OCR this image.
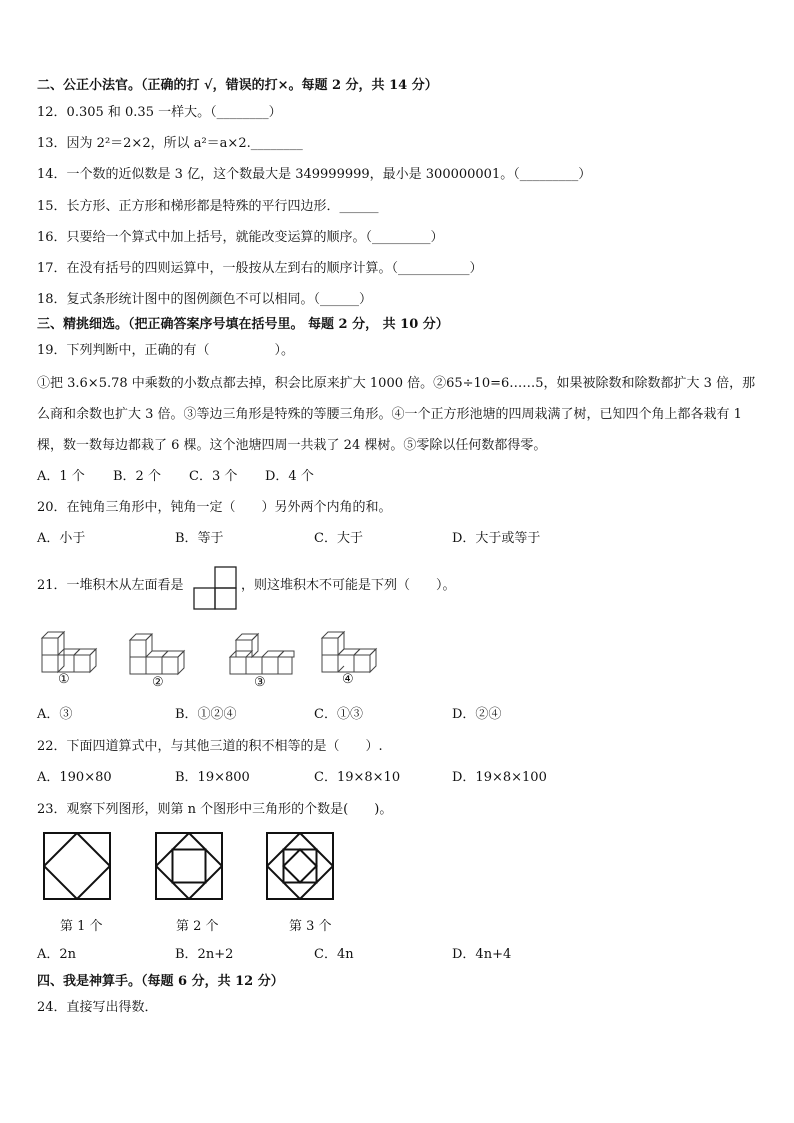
二、公正小法官。（正确的打 √，错误的打×。每题 2 分，共 14 分）
12．0.305 和 0.35 一样大。（________）
13．因为 2²＝2×2，所以 a²＝a×2.________
14．一个数的近似数是 3 亿，这个数最大是 349999999，最小是 300000001。（_________）
15．长方形、正方形和梯形都是特殊的平行四边形．______
16．只要给一个算式中加上括号，就能改变运算的顺序。（_________）
17．在没有括号的四则运算中，一般按从左到右的顺序计算。（___________）
18．复式条形统计图中的图例颜色不可以相同。（______）
三、精挑细选。（把正确答案序号填在括号里。 每题 2 分， 共 10 分）
19．下列判断中，正确的有（　　　　　）。
①把 3.6×5.78 中乘数的小数点都去掉，积会比原来扩大 1000 倍。②65÷10=6……5，如果被除数和除数都扩大 3 倍，那么商和余数也扩大 3 倍。③等边三角形是特殊的等腰三角形。④一个正方形池塘的四周栽满了树，已知四个角上都各栽有 1 棵，数一数每边都栽了 6 棵。这个池塘四周一共栽了 24 棵树。⑤零除以任何数都得零。
A．1 个 B．2 个 C．3 个 D．4 个
20．在钝角三角形中，钝角一定（　　）另外两个内角的和。
A．小于	B．等于	C．大于	D．大于或等于
21．一堆积木从左面看是	，则这堆积木不可能是下列（　　）。
①	②	③	④
A．③	B．①②④	C．①③	D．②④
22．下面四道算式中，与其他三道的积不相等的是（　　）.
A．190×80	B．19×800	C．19×8×10	D．19×8×100
23．观察下列图形，则第 n 个图形中三角形的个数是(　　)。
第 1 个	第 2 个	第 3 个
A．2n	B．2n+2	C．4n	D．4n+4
四、我是神算手。（每题 6 分，共 12 分）
24．直接写出得数．
